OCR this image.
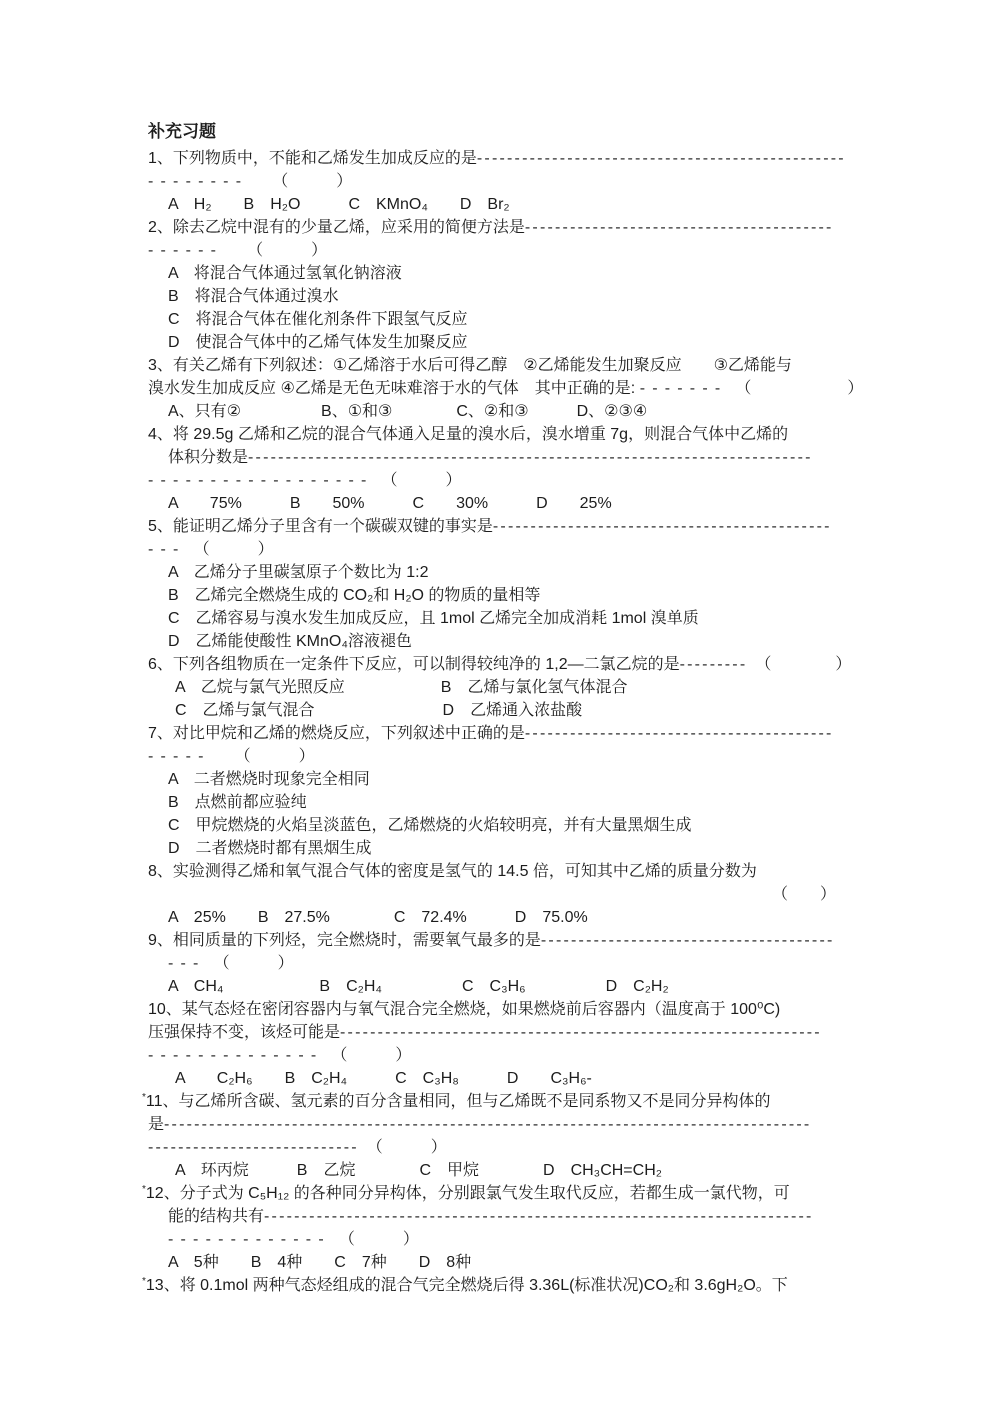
补充习题
1、下列物质中，不能和乙烯发生加成反应的是-------------------------------------------------
--------　　（　　　）
A　H₂　　B　H₂O　　　C　KMnO₄　　D　Br₂
2、除去乙烷中混有的少量乙烯，应采用的简便方法是-----------------------------------------
------　　（　　　）
A　将混合气体通过氢氧化钠溶液
B　将混合气体通过溴水
C　将混合气体在催化剂条件下跟氢气反应
D　使混合气体中的乙烯气体发生加聚反应
3、有关乙烯有下列叙述：①乙烯溶于水后可得乙醇　②乙烯能发生加聚反应　　③乙烯能与
溴水发生加成反应 ④乙烯是无色无味难溶于水的气体　其中正确的是: -------　（　　　　　　）
A、只有②　　　　　B、①和③　　　　C、②和③　　　D、②③④
4、将 29.5g 乙烯和乙烷的混合气体通入足量的溴水后，溴水增重 7g，则混合气体中乙烯的
体积分数是---------------------------------------------------------------------------
------------------　（　　　）
A　　75%　　　B　　50%　　　C　　30%　　　D　　25%
5、能证明乙烯分子里含有一个碳碳双键的事实是---------------------------------------------
---　（　　　）
A　乙烯分子里碳氢原子个数比为 1:2
B　乙烯完全燃烧生成的 CO₂和 H₂O 的物质的量相等
C　乙烯容易与溴水发生加成反应，且 1mol 乙烯完全加成消耗 1mol 溴单质
D　乙烯能使酸性 KMnO₄溶液褪色
6、下列各组物质在一定条件下反应，可以制得较纯净的 1,2—二氯乙烷的是---------　（　　　　）
A　乙烷与氯气光照反应　　　　　　B　乙烯与氯化氢气体混合
C　乙烯与氯气混合　　　　　　　　D　乙烯通入浓盐酸
7、对比甲烷和乙烯的燃烧反应，下列叙述中正确的是-----------------------------------------
-----　　（　　　）
A　二者燃烧时现象完全相同
B　点燃前都应验纯
C　甲烷燃烧的火焰呈淡蓝色，乙烯燃烧的火焰较明亮，并有大量黑烟生成
D　二者燃烧时都有黑烟生成
8、实验测得乙烯和氧气混合气体的密度是氢气的 14.5 倍，可知其中乙烯的质量分数为
（　　）
A　25%　　B　27.5%　　　　C　72.4%　　　D　75.0%
9、相同质量的下列烃，完全燃烧时，需要氧气最多的是---------------------------------------
---　（　　　）
A　CH₄　　　　　　B　C₂H₄　　　　　C　C₃H₆　　　　　D　C₂H₂
10、某气态烃在密闭容器内与氧气混合完全燃烧，如果燃烧前后容器内（温度高于 100⁰C)
压强保持不变，该烃可能是----------------------------------------------------------------
--------------　（　　　）
A　　C₂H₆　　B　C₂H₄　　　C　C₃H₈　　　D　　C₃H₆-
*11、与乙烯所含碳、氢元素的百分含量相同，但与乙烯既不是同系物又不是同分异构体的
是--------------------------------------------------------------------------------------
----------------------------　（　　　）
A　环丙烷　　　B　乙烷　　　　C　甲烷　　　　D　CH₃CH=CH₂
*12、分子式为 C₅H₁₂ 的各种同分异构体，分别跟氯气发生取代反应，若都生成一氯代物，可
能的结构共有-------------------------------------------------------------------------
-------------　（　　　）
A　5种　　B　4种　　C　7种　　D　8种
*13、将 0.1mol 两种气态烃组成的混合气完全燃烧后得 3.36L(标准状况)CO₂和 3.6gH₂O。下
